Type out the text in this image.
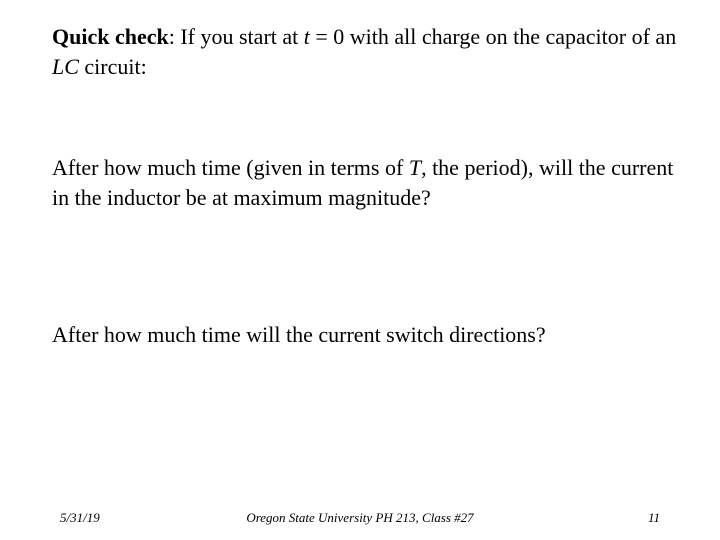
Quick check: If you start at t = 0 with all charge on the capacitor of an LC circuit:
After how much time (given in terms of T, the period), will the current in the inductor be at maximum magnitude?
After how much time will the current switch directions?
5/31/19	Oregon State University PH 213, Class #27	11
